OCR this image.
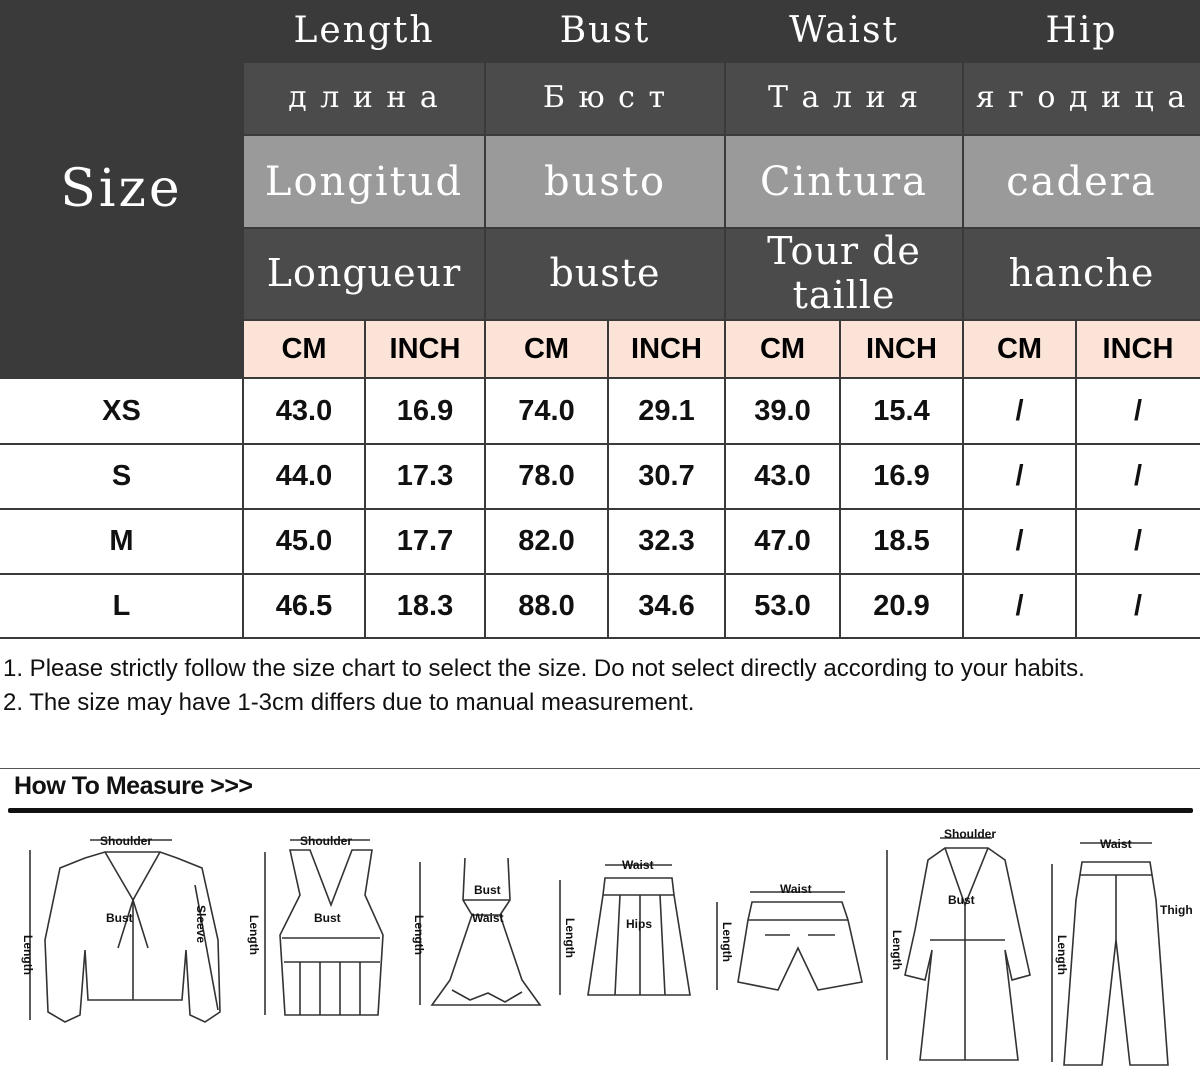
Size
Length
д л и н а
Longitud
Longueur
Bust
Б ю с т
busto
buste
Waist
Т а л и я
Cintura
Tour de taille
Hip
я г о д и ц а
cadera
hanche
CM	INCH	CM	INCH	CM	INCH	CM	INCH
XS	43.0	16.9	74.0	29.1	39.0	15.4	/	/
S	44.0	17.3	78.0	30.7	43.0	16.9	/	/
M	45.0	17.7	82.0	32.3	47.0	18.5	/	/
L	46.5	18.3	88.0	34.6	53.0	20.9	/	/

1. Please strictly follow the size chart to select the size. Do not select directly according to your habits.

2. The size may have 1-3cm differs due to manual measurement.

How To Measure >>>
Shoulder
Bust
Shoulder
Bust
Bust
Waist
Waist
Hips
Waist
Shoulder
Bust
Waist
Thigh
Length
Sleeve	Length	Length	Length	Length	Length	Length
